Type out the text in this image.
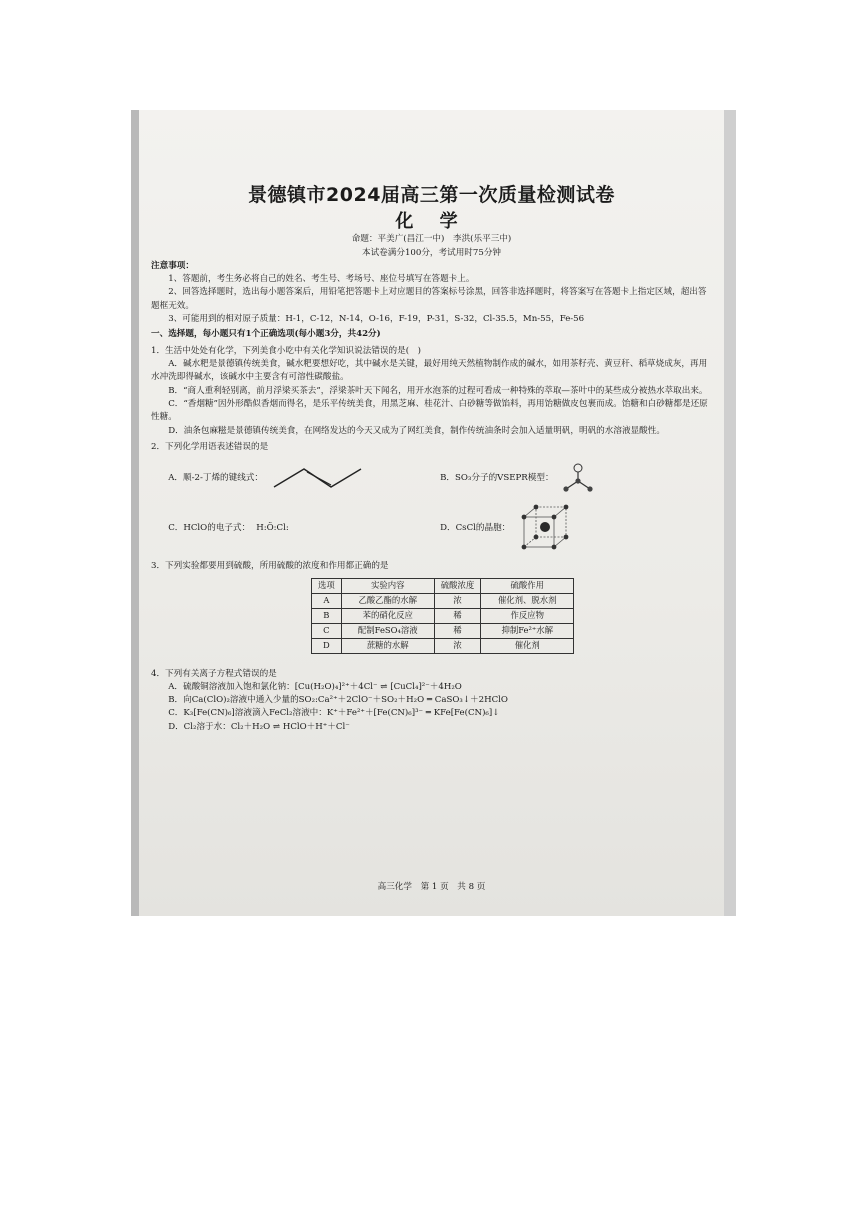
景德镇市2024届高三第一次质量检测试卷
化 学

命题：平美广(昌江一中)　李洪(乐平三中)

本试卷满分100分，考试用时75分钟

注意事项：

1、答题前，考生务必将自己的姓名、考生号、考场号、座位号填写在答题卡上。

2、回答选择题时，选出每小题答案后，用铅笔把答题卡上对应题目的答案标号涂黑，回答非选择题时，将答案写在答题卡上指定区域，超出答题框无效。

3、可能用到的相对原子质量：H-1，C-12，N-14，O-16，F-19，P-31，S-32，Cl-35.5，Mn-55，Fe-56

一、选择题，每小题只有1个正确选项(每小题3分，共42分)

1．生活中处处有化学，下列美食小吃中有关化学知识说法错误的是(　)

A．碱水粑是景德镇传统美食，碱水粑要想好吃，其中碱水是关键，最好用纯天然植物制作成的碱水，如用茶籽壳、黄豆秆、稻草烧成灰，再用水冲洗即得碱水，该碱水中主要含有可溶性碳酸盐。

B．“商人重利轻别离，前月浮梁买茶去”，浮梁茶叶天下闻名，用开水泡茶的过程可看成一种特殊的萃取—茶叶中的某些成分被热水萃取出来。

C．“香烟糖”因外形酷似香烟而得名，是乐平传统美食，用黑芝麻、桂花汁、白砂糖等做馅料，再用饴糖做皮包裹而成。饴糖和白砂糖都是还原性糖。

D．油条包麻糍是景德镇传统美食，在网络发达的今天又成为了网红美食，制作传统油条时会加入适量明矾，明矾的水溶液显酸性。

2．下列化学用语表述错误的是

A．顺-2-丁烯的键线式：	B．SO₃分子的VSEPR模型：
C．HClO的电子式： H:Ö:Cl:	D．CsCl的晶胞：

3．下列实验都要用到硫酸，所用硫酸的浓度和作用都正确的是

选项	实验内容	硫酸浓度	硫酸作用
A	乙酸乙酯的水解	浓	催化剂、脱水剂
B	苯的硝化反应	稀	作反应物
C	配制FeSO₄溶液	稀	抑制Fe²⁺水解
D	蔗糖的水解	浓	催化剂

4．下列有关离子方程式错误的是

A．硫酸铜溶液加入饱和氯化钠：[Cu(H₂O)₄]²⁺＋4Cl⁻ ⇌ [CuCl₄]²⁻＋4H₂O

B．向Ca(ClO)₂溶液中通入少量的SO₂:Ca²⁺＋2ClO⁻＋SO₂＋H₂O ═ CaSO₃↓＋2HClO

C．K₃[Fe(CN)₆]溶液滴入FeCl₂溶液中：K⁺＋Fe²⁺＋[Fe(CN)₆]³⁻ ═ KFe[Fe(CN)₆]↓

D．Cl₂溶于水：Cl₂＋H₂O ⇌ HClO＋H⁺＋Cl⁻

高三化学　第 1 页　共 8 页
